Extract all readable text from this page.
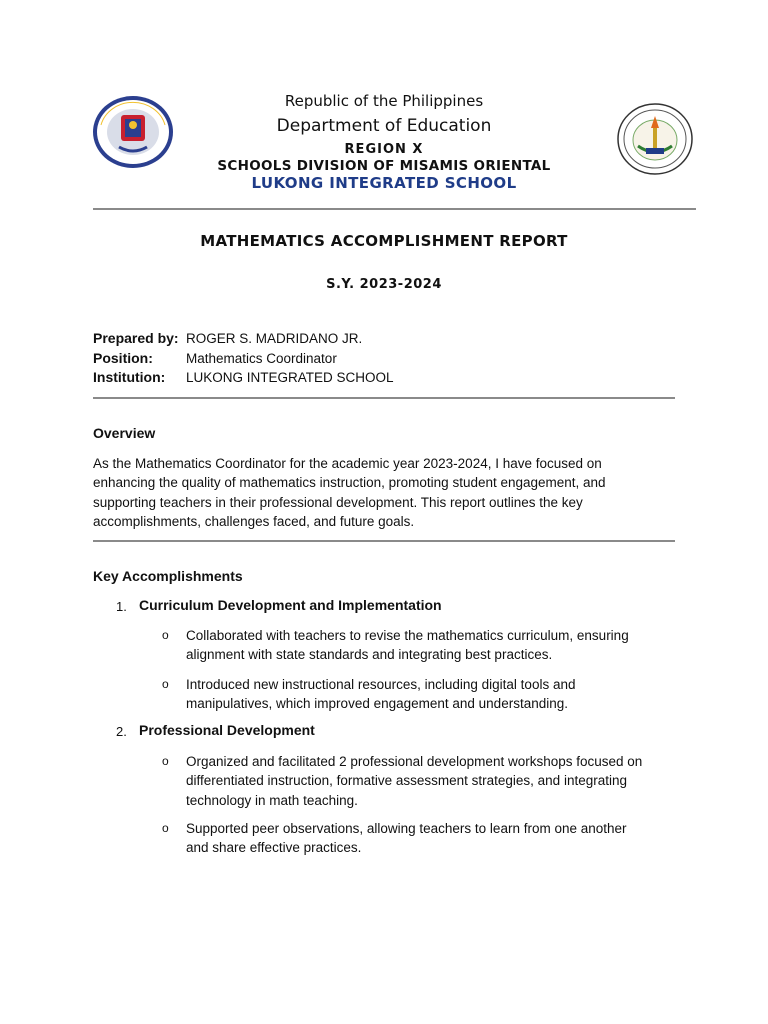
Republic of the Philippines
Department of Education
REGION X
SCHOOLS DIVISION OF MISAMIS ORIENTAL
LUKONG INTEGRATED SCHOOL
MATHEMATICS ACCOMPLISHMENT REPORT
S.Y. 2023-2024
Prepared by: ROGER S. MADRIDANO JR.
Position: Mathematics Coordinator
Institution: LUKONG INTEGRATED SCHOOL
Overview
As the Mathematics Coordinator for the academic year 2023-2024, I have focused on
enhancing the quality of mathematics instruction, promoting student engagement, and
supporting teachers in their professional development. This report outlines the key
accomplishments, challenges faced, and future goals.
Key Accomplishments
1. Curriculum Development and Implementation
o Collaborated with teachers to revise the mathematics curriculum, ensuring
alignment with state standards and integrating best practices.
o Introduced new instructional resources, including digital tools and
manipulatives, which improved engagement and understanding.
2. Professional Development
o Organized and facilitated 2 professional development workshops focused on
differentiated instruction, formative assessment strategies, and integrating
technology in math teaching.
o Supported peer observations, allowing teachers to learn from one another
and share effective practices.
